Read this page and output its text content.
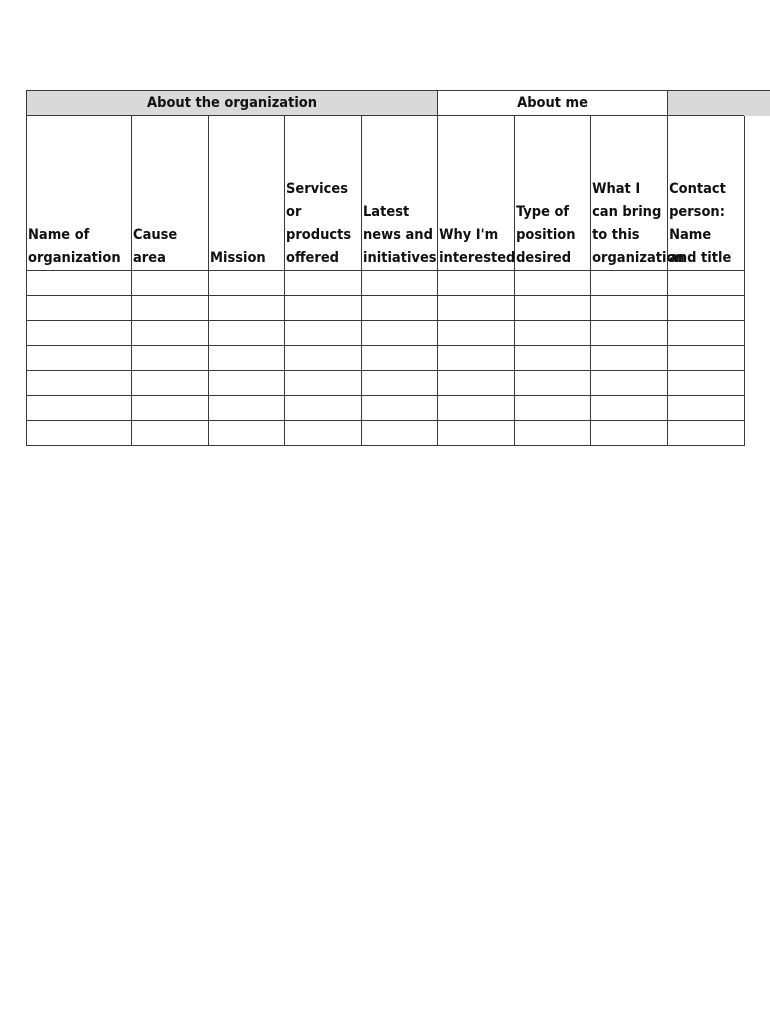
About the organization					About me			
Name of organization	Cause area	Mission	Services or products offered	Latest news and initiatives	Why I'm interested	Type of position desired	What I can bring to this organization	Contact person: Name and title
